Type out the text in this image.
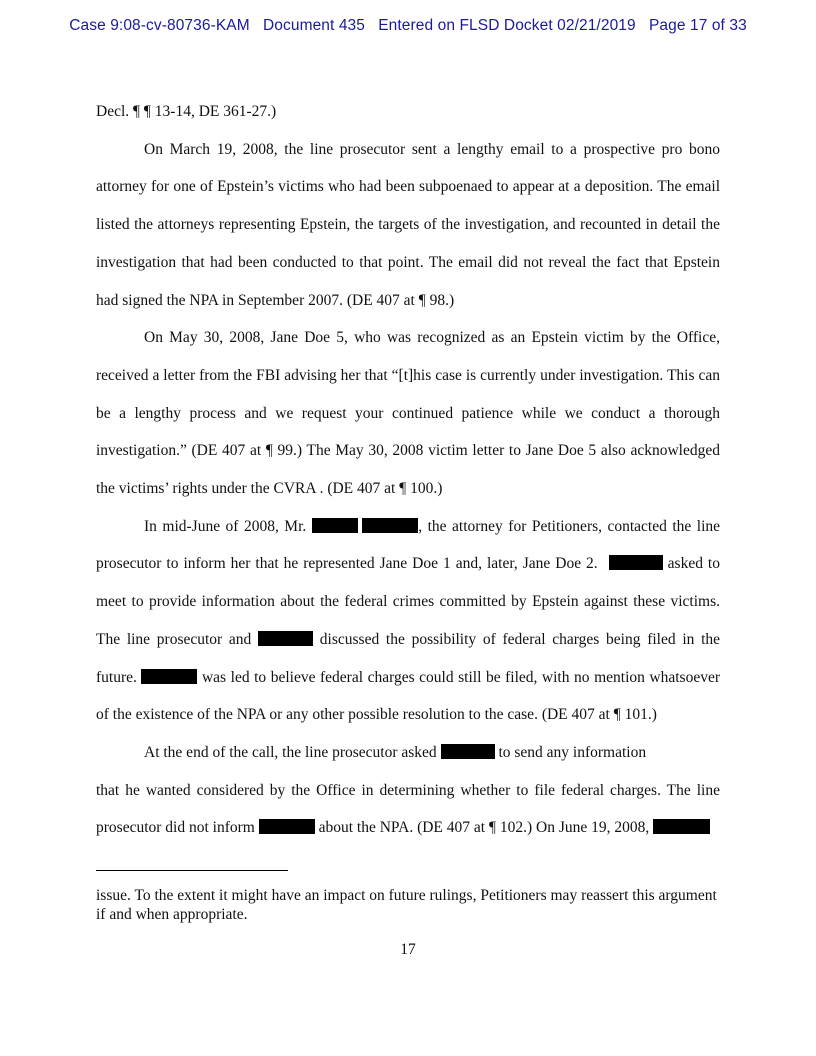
Case 9:08-cv-80736-KAM Document 435 Entered on FLSD Docket 02/21/2019 Page 17 of 33

Decl. ¶ ¶ 13-14, DE 361-27.)

On March 19, 2008, the line prosecutor sent a lengthy email to a prospective pro bono attorney for one of Epstein’s victims who had been subpoenaed to appear at a deposition. The email listed the attorneys representing Epstein, the targets of the investigation, and recounted in detail the investigation that had been conducted to that point. The email did not reveal the fact that Epstein had signed the NPA in September 2007. (DE 407 at ¶ 98.)

On May 30, 2008, Jane Doe 5, who was recognized as an Epstein victim by the Office, received a letter from the FBI advising her that “[t]his case is currently under investigation. This can be a lengthy process and we request your continued patience while we conduct a thorough investigation.” (DE 407 at ¶ 99.) The May 30, 2008 victim letter to Jane Doe 5 also acknowledged the victims’ rights under the CVRA . (DE 407 at ¶ 100.)

In mid-June of 2008, Mr.	, the attorney for Petitioners, contacted the line prosecutor to inform her that he represented Jane Doe 1 and, later, Jane Doe 2.	asked to meet to provide information about the federal crimes committed by Epstein against these victims. The line prosecutor and	discussed the possibility of federal charges being filed in the future.	was led to believe federal charges could still be filed, with no mention whatsoever of the existence of the NPA or any other possible resolution to the case. (DE 407 at ¶ 101.)

At the end of the call, the line prosecutor asked	to send any information
that he wanted considered by the Office in determining whether to file federal charges. The line prosecutor did not inform	about the NPA. (DE 407 at ¶ 102.) On June 19, 2008,

issue. To the extent it might have an impact on future rulings, Petitioners may reassert this argument if and when appropriate.

17
